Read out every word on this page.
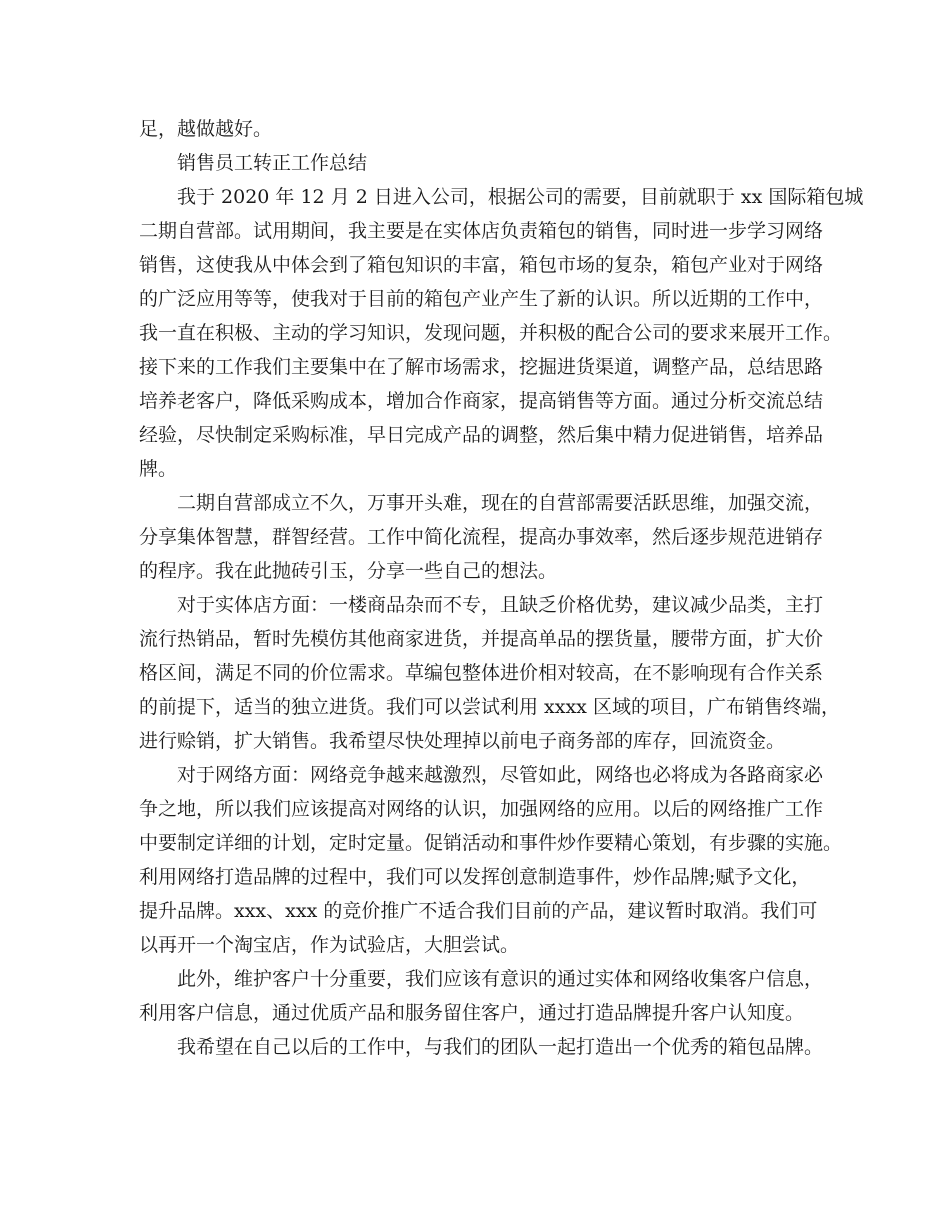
足，越做越好。
销售员工转正工作总结
我于 2020 年 12 月 2 日进入公司，根据公司的需要，目前就职于 xx 国际箱包城
二期自营部。试用期间，我主要是在实体店负责箱包的销售，同时进一步学习网络
销售，这使我从中体会到了箱包知识的丰富，箱包市场的复杂，箱包产业对于网络
的广泛应用等等，使我对于目前的箱包产业产生了新的认识。所以近期的工作中，
我一直在积极、主动的学习知识，发现问题，并积极的配合公司的要求来展开工作。
接下来的工作我们主要集中在了解市场需求，挖掘进货渠道，调整产品，总结思路
培养老客户，降低采购成本，增加合作商家，提高销售等方面。通过分析交流总结
经验，尽快制定采购标准，早日完成产品的调整，然后集中精力促进销售，培养品
牌。
二期自营部成立不久，万事开头难，现在的自营部需要活跃思维，加强交流，
分享集体智慧，群智经营。工作中简化流程，提高办事效率，然后逐步规范进销存
的程序。我在此抛砖引玉，分享一些自己的想法。
对于实体店方面：一楼商品杂而不专，且缺乏价格优势，建议减少品类，主打
流行热销品，暂时先模仿其他商家进货，并提高单品的摆货量，腰带方面，扩大价
格区间，满足不同的价位需求。草编包整体进价相对较高，在不影响现有合作关系
的前提下，适当的独立进货。我们可以尝试利用 xxxx 区域的项目，广布销售终端，
进行赊销，扩大销售。我希望尽快处理掉以前电子商务部的库存，回流资金。
对于网络方面：网络竞争越来越激烈，尽管如此，网络也必将成为各路商家必
争之地，所以我们应该提高对网络的认识，加强网络的应用。以后的网络推广工作
中要制定详细的计划，定时定量。促销活动和事件炒作要精心策划，有步骤的实施。
利用网络打造品牌的过程中，我们可以发挥创意制造事件，炒作品牌;赋予文化，
提升品牌。xxx、xxx 的竞价推广不适合我们目前的产品，建议暂时取消。我们可
以再开一个淘宝店，作为试验店，大胆尝试。
此外，维护客户十分重要，我们应该有意识的通过实体和网络收集客户信息，
利用客户信息，通过优质产品和服务留住客户，通过打造品牌提升客户认知度。
我希望在自己以后的工作中，与我们的团队一起打造出一个优秀的箱包品牌。
